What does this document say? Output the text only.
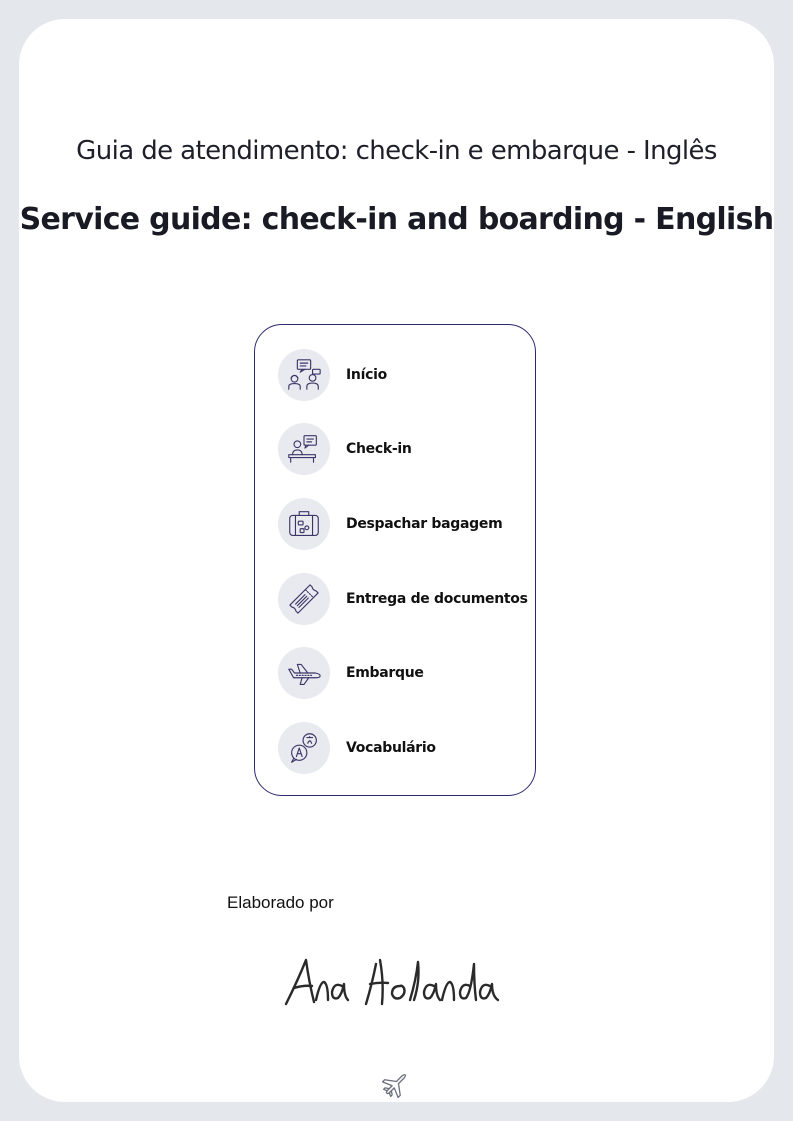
Guia de atendimento: check-in e embarque - Inglês
Service guide: check-in and boarding - English
Início
Check-in
Despachar bagagem
Entrega de documentos
Embarque
Vocabulário
Elaborado por
